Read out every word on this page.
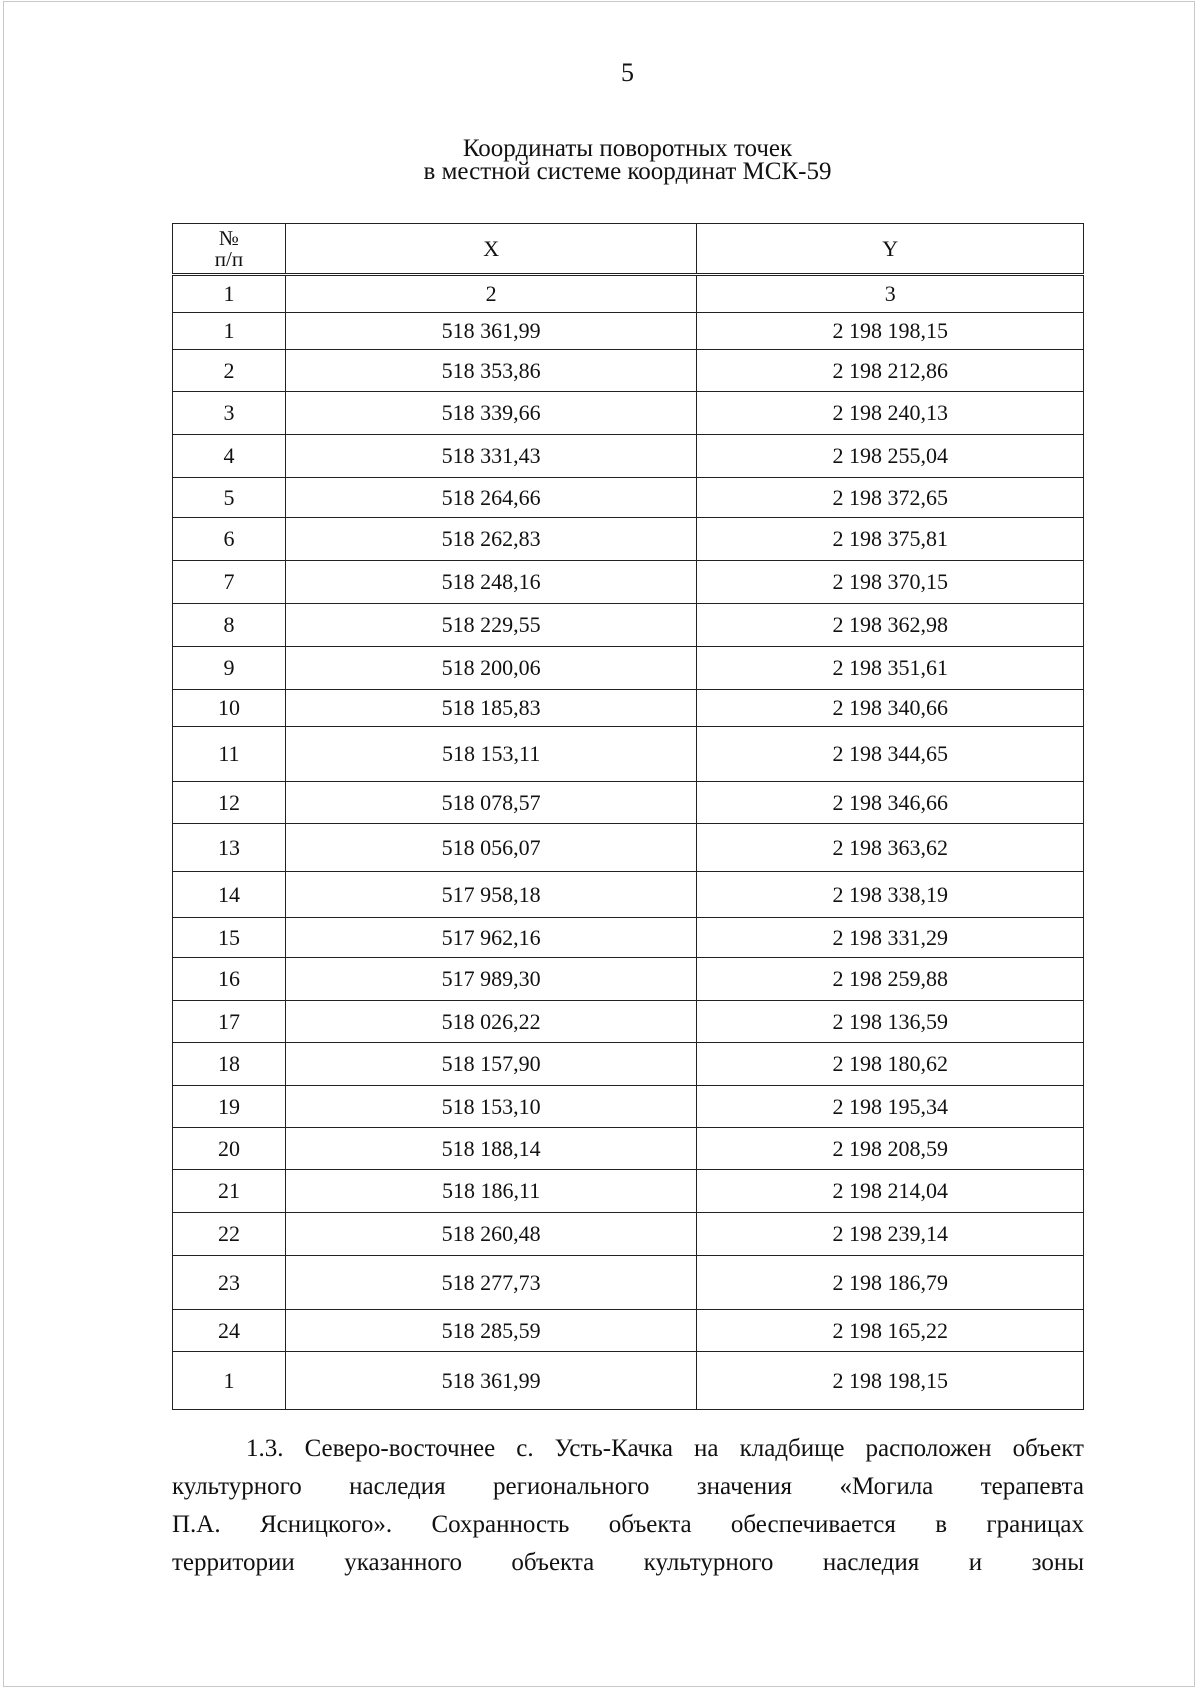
5
Координаты поворотных точек
в местной системе координат МСК-59
№
п/п	X	Y
1	2	3
1	518 361,99	2 198 198,15
2	518 353,86	2 198 212,86
3	518 339,66	2 198 240,13
4	518 331,43	2 198 255,04
5	518 264,66	2 198 372,65
6	518 262,83	2 198 375,81
7	518 248,16	2 198 370,15
8	518 229,55	2 198 362,98
9	518 200,06	2 198 351,61
10	518 185,83	2 198 340,66
11	518 153,11	2 198 344,65
12	518 078,57	2 198 346,66
13	518 056,07	2 198 363,62
14	517 958,18	2 198 338,19
15	517 962,16	2 198 331,29
16	517 989,30	2 198 259,88
17	518 026,22	2 198 136,59
18	518 157,90	2 198 180,62
19	518 153,10	2 198 195,34
20	518 188,14	2 198 208,59
21	518 186,11	2 198 214,04
22	518 260,48	2 198 239,14
23	518 277,73	2 198 186,79
24	518 285,59	2 198 165,22
1	518 361,99	2 198 198,15
1.3. Северо-восточнее с. Усть-Качка на кладбище расположен объект
культурного наследия регионального значения «Могила терапевта
П.А. Ясницкого». Сохранность объекта обеспечивается в границах
территории указанного объекта культурного наследия и зоны
